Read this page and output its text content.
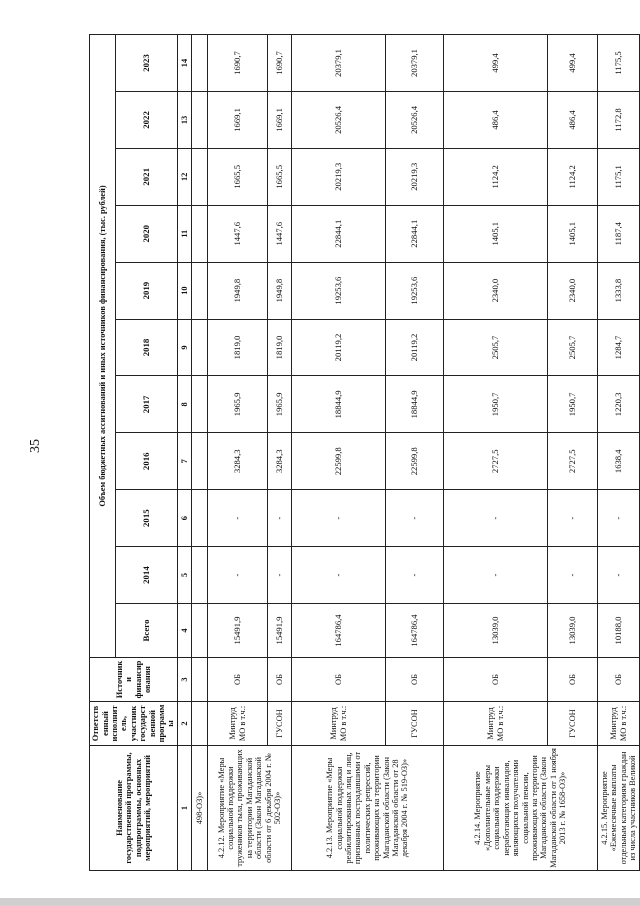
35
Наименование государственной программы, подпрограммы, основных мероприятий, мероприятий	Ответственный исполнитель, участник государственной программы	Источники финансирования	Объем бюджетных ассигнований и иных источников финансирования, (тыс. рублей)										
			Всего	2014	2015	2016	2017	2018	2019	2020	2021	2022	2023
1	2	3	4	5	6	7	8	9	10	11	12	13	14
498-ОЗ)»													
4.2.12. Мероприятие «Меры социальной поддержки тружеников тыла, проживающих на территории Магаданской области (Закон Магаданской области от 6 декабря 2004 г. № 502-ОЗ)»	Минтруд МО в т.ч.:	ОБ	15491,9	-	-	3284,3	1965,9	1819,0	1949,8	1447,6	1665,5	1669,1	1690,7
	ГУСОН	ОБ	15491,9	-	-	3284,3	1965,9	1819,0	1949,8	1447,6	1665,5	1669,1	1690,7
4.2.13. Мероприятие «Меры социальной поддержки реабилитированных лиц и лиц, признанных пострадавшими от политических репрессий, проживающих на территории Магаданской области (Закон Магаданской области от 28 декабря 2004 г. № 519-ОЗ)»	Минтруд МО в т.ч.:	ОБ	164786,4	-	-	22599,8	18844,9	20119,2	19253,6	22844,1	20219,3	20526,4	20379,1
	ГУСОН	ОБ	164786,4	-	-	22599,8	18844,9	20119,2	19253,6	22844,1	20219,3	20526,4	20379,1
4.2.14. Мероприятие «Дополнительные меры социальной поддержки неработающих инвалидов, являющихся получателями социальной пенсии, проживающих на территории Магаданской области (Закон Магаданской области от 1 ноября 2013 г. № 1658-ОЗ)»	Минтруд МО в т.ч.:	ОБ	13039,0	-	-	2727,5	1950,7	2505,7	2340,0	1405,1	1124,2	486,4	499,4
	ГУСОН	ОБ	13039,0	-	-	2727,5	1950,7	2505,7	2340,0	1405,1	1124,2	486,4	499,4
4.2.15. Мероприятие «Ежемесячные выплаты отдельным категориям граждан из числа участников Великой	Минтруд МО в т.ч.:	ОБ	10188,0	-	-	1638,4	1220,3	1284,7	1333,8	1187,4	1175,1	1172,8	1175,5
